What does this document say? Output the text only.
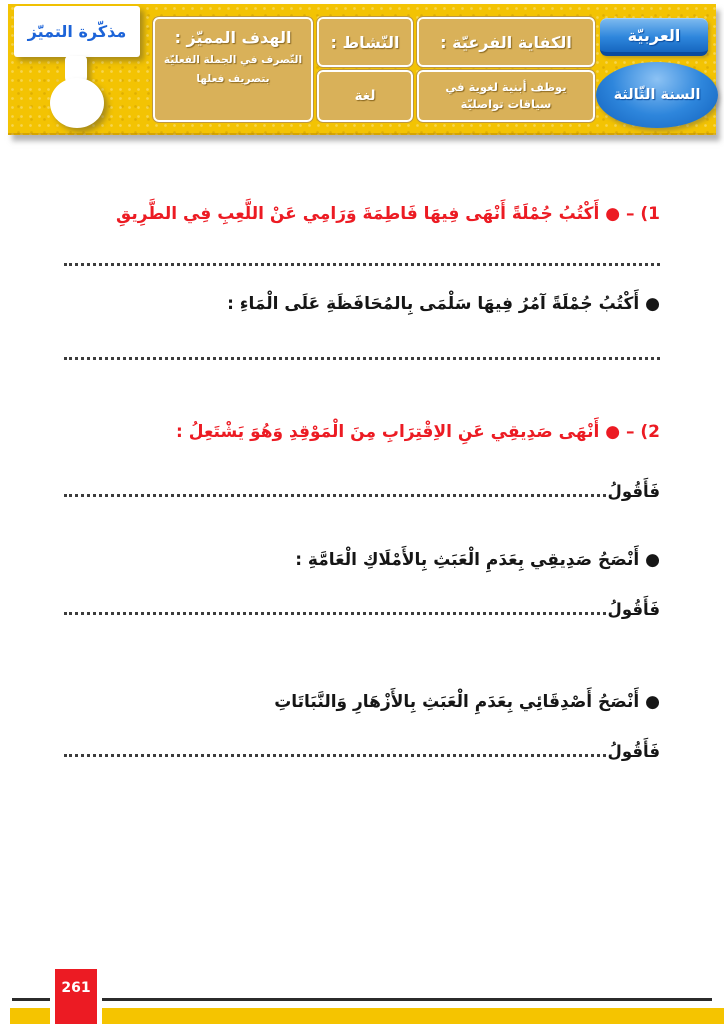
مذكّرة التميّز
الكفاية الفرعيّة :
يوظف أبنية لغوية في سياقات تواصليّة
النّشاط :
لغة
الهدف المميّز :
التّصرف في الجملة الفعليّة بتصريف فعلها
العربيّة
السنة الثّالثة
1) – ● أَكْتُبُ جُمْلَةً أَنْهَى فِيهَا فَاطِمَةَ وَرَامِي عَنْ اللَّعِبِ فِي الطَّرِيقِ
● أَكْتُبُ جُمْلَةً آمُرُ فِيهَا سَلْمَى بِالمُحَافَظَةِ عَلَى الْمَاءِ :
2) – ● أَنْهَى صَدِيقِي عَنِ الاِقْتِرَابِ مِنَ الْمَوْقِدِ وَهُوَ يَشْتَعِلُ :
فَأَقُولُ
● أَنْصَحُ صَدِيقِي بِعَدَمِ الْعَبَثِ بِالأَمْلَاكِ الْعَامَّةِ :
فَأَقُولُ
● أَنْصَحُ أَصْدِقَائِي بِعَدَمِ الْعَبَثِ بِالأَزْهَارِ وَالنَّبَاتَاتِ
فَأَقُولُ
261
